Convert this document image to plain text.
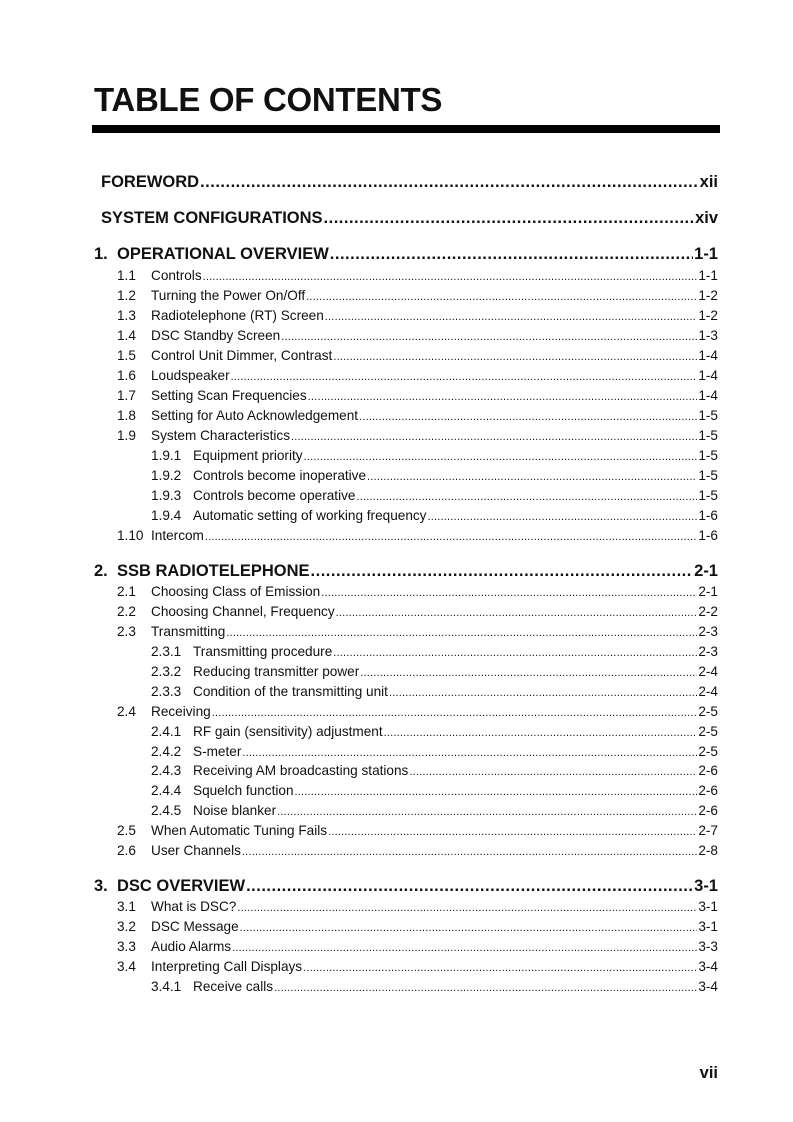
TABLE OF CONTENTS
FOREWORD .....	xii
SYSTEM CONFIGURATIONS .....	xiv
1. OPERATIONAL OVERVIEW .....	1-1
1.1	Controls .....	1-1
1.2	Turning the Power On/Off .....	1-2
1.3	Radiotelephone (RT) Screen .....	1-2
1.4	DSC Standby Screen .....	1-3
1.5	Control Unit Dimmer, Contrast .....	1-4
1.6	Loudspeaker .....	1-4
1.7	Setting Scan Frequencies .....	1-4
1.8	Setting for Auto Acknowledgement .....	1-5
1.9	System Characteristics .....	1-5
1.9.1 Equipment priority .....	1-5
1.9.2 Controls become inoperative .....	1-5
1.9.3 Controls become operative .....	1-5
1.9.4 Automatic setting of working frequency .....	1-6
1.10 Intercom .....	1-6
2. SSB RADIOTELEPHONE .....	2-1
2.1	Choosing Class of Emission .....	2-1
2.2	Choosing Channel, Frequency .....	2-2
2.3	Transmitting .....	2-3
2.3.1 Transmitting procedure .....	2-3
2.3.2 Reducing transmitter power .....	2-4
2.3.3 Condition of the transmitting unit .....	2-4
2.4	Receiving .....	2-5
2.4.1 RF gain (sensitivity) adjustment .....	2-5
2.4.2 S-meter .....	2-5
2.4.3 Receiving AM broadcasting stations .....	2-6
2.4.4 Squelch function .....	2-6
2.4.5 Noise blanker .....	2-6
2.5	When Automatic Tuning Fails .....	2-7
2.6	User Channels .....	2-8
3. DSC OVERVIEW .....	3-1
3.1	What is DSC? .....	3-1
3.2	DSC Message .....	3-1
3.3	Audio Alarms .....	3-3
3.4	Interpreting Call Displays .....	3-4
3.4.1 Receive calls .....	3-4
vii
